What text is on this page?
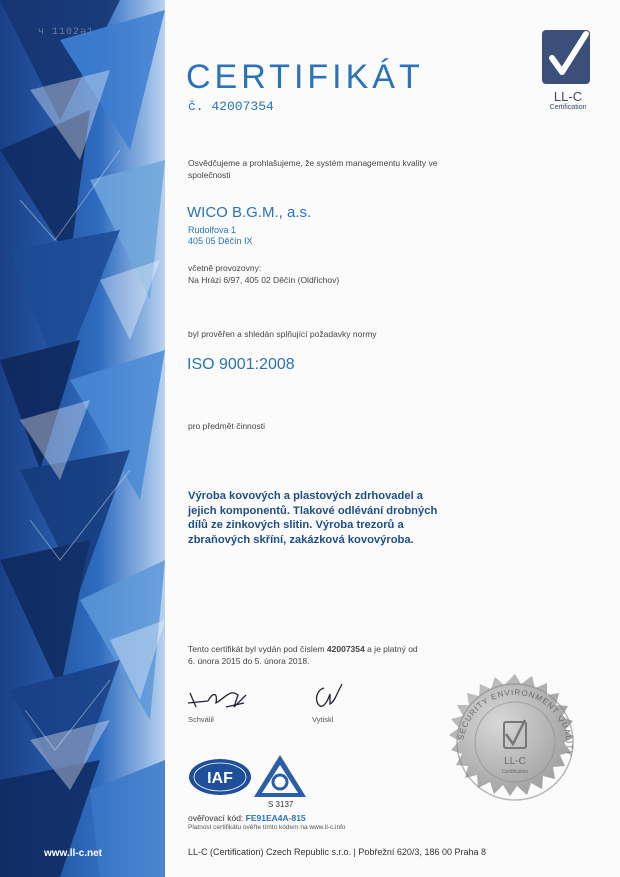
ч 1102ә1
www.ll-c.net
CERTIFIKÁT
č. 42007354
LL-C
Certification
Osvědčujeme a prohlašujeme, že systém managementu kvality ve
společnosti
WICO B.G.M., a.s.
Rudolfova 1
405 05 Děčín IX
včetně provozovny:
Na Hrázi 6/97, 405 02 Děčín (Oldřichov)
byl prověřen a shledán splňující požadavky normy
ISO 9001:2008
pro předmět činnosti
Výroba kovových a plastových zdrhovadel a
jejich komponentů. Tlakové odlévání drobných
dílů ze zinkových slitin. Výroba trezorů a
zbraňových skříní, zakázková kovovýroba.
Tento certifikát byl vydán pod číslem 42007354 a je platný od
6. února 2015 do 5. února 2018.
Schválil	Vytiskl
IAF
S 3137
ověřovací kód: FE91EA4A-815
Platnost certifikátu ověřte tímto kódem na www.ll-c.info
LL-C (Certification) Czech Republic s.r.o. | Pobřežní 620/3, 186 00 Praha 8
SECURITY ENVIRONMENT QUALITY
LL-C
Certification
